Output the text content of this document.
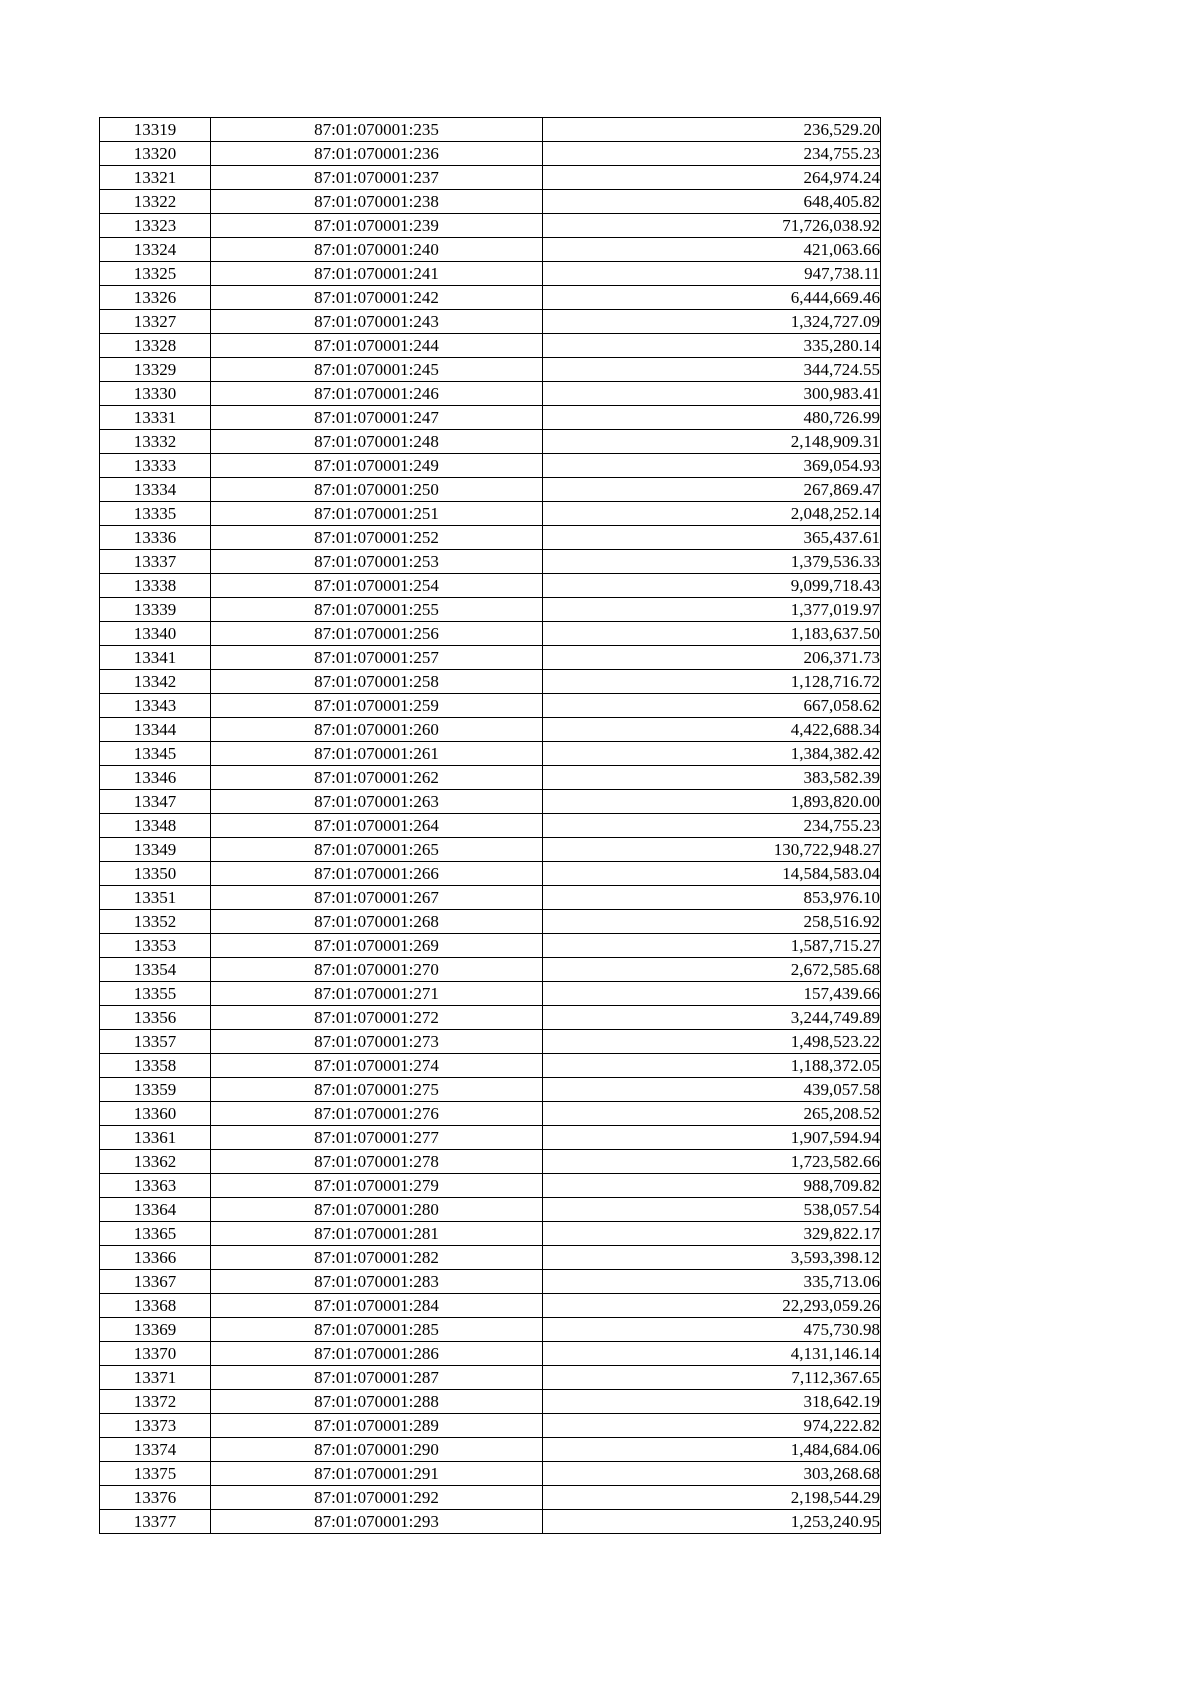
13319	87:01:070001:235	236,529.20
13320	87:01:070001:236	234,755.23
13321	87:01:070001:237	264,974.24
13322	87:01:070001:238	648,405.82
13323	87:01:070001:239	71,726,038.92
13324	87:01:070001:240	421,063.66
13325	87:01:070001:241	947,738.11
13326	87:01:070001:242	6,444,669.46
13327	87:01:070001:243	1,324,727.09
13328	87:01:070001:244	335,280.14
13329	87:01:070001:245	344,724.55
13330	87:01:070001:246	300,983.41
13331	87:01:070001:247	480,726.99
13332	87:01:070001:248	2,148,909.31
13333	87:01:070001:249	369,054.93
13334	87:01:070001:250	267,869.47
13335	87:01:070001:251	2,048,252.14
13336	87:01:070001:252	365,437.61
13337	87:01:070001:253	1,379,536.33
13338	87:01:070001:254	9,099,718.43
13339	87:01:070001:255	1,377,019.97
13340	87:01:070001:256	1,183,637.50
13341	87:01:070001:257	206,371.73
13342	87:01:070001:258	1,128,716.72
13343	87:01:070001:259	667,058.62
13344	87:01:070001:260	4,422,688.34
13345	87:01:070001:261	1,384,382.42
13346	87:01:070001:262	383,582.39
13347	87:01:070001:263	1,893,820.00
13348	87:01:070001:264	234,755.23
13349	87:01:070001:265	130,722,948.27
13350	87:01:070001:266	14,584,583.04
13351	87:01:070001:267	853,976.10
13352	87:01:070001:268	258,516.92
13353	87:01:070001:269	1,587,715.27
13354	87:01:070001:270	2,672,585.68
13355	87:01:070001:271	157,439.66
13356	87:01:070001:272	3,244,749.89
13357	87:01:070001:273	1,498,523.22
13358	87:01:070001:274	1,188,372.05
13359	87:01:070001:275	439,057.58
13360	87:01:070001:276	265,208.52
13361	87:01:070001:277	1,907,594.94
13362	87:01:070001:278	1,723,582.66
13363	87:01:070001:279	988,709.82
13364	87:01:070001:280	538,057.54
13365	87:01:070001:281	329,822.17
13366	87:01:070001:282	3,593,398.12
13367	87:01:070001:283	335,713.06
13368	87:01:070001:284	22,293,059.26
13369	87:01:070001:285	475,730.98
13370	87:01:070001:286	4,131,146.14
13371	87:01:070001:287	7,112,367.65
13372	87:01:070001:288	318,642.19
13373	87:01:070001:289	974,222.82
13374	87:01:070001:290	1,484,684.06
13375	87:01:070001:291	303,268.68
13376	87:01:070001:292	2,198,544.29
13377	87:01:070001:293	1,253,240.95
